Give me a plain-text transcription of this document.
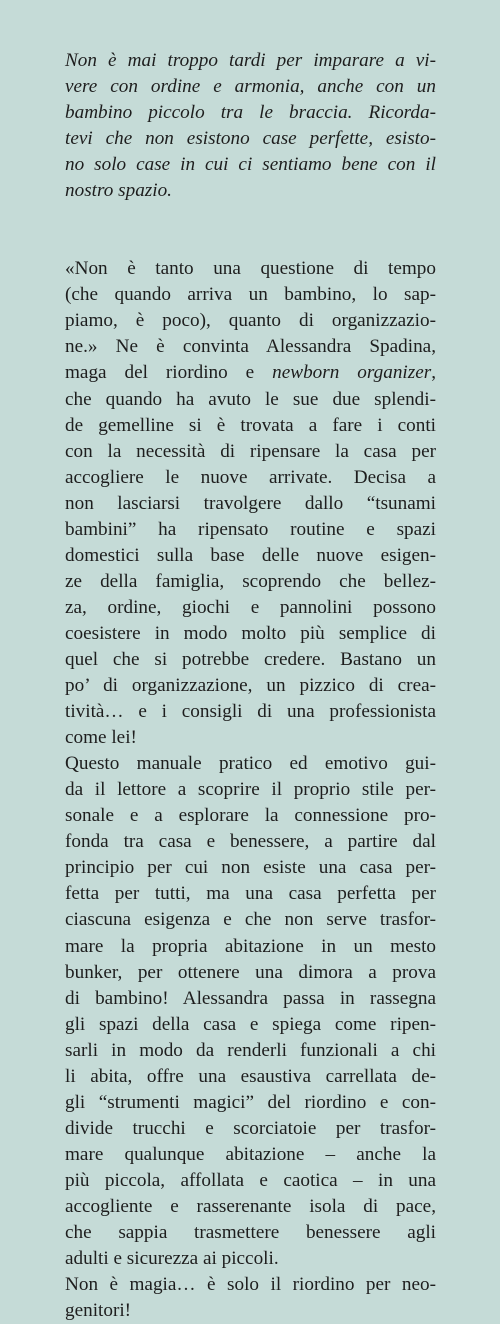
Non è mai troppo tardi per imparare a vi-
vere con ordine e armonia, anche con un
bambino piccolo tra le braccia. Ricorda-
tevi che non esistono case perfette, esisto-
no solo case in cui ci sentiamo bene con il
nostro spazio.
«Non è tanto una questione di tempo
(che quando arriva un bambino, lo sap-
piamo, è poco), quanto di organizzazio-
ne.» Ne è convinta Alessandra Spadina,
maga del riordino e newborn organizer,
che quando ha avuto le sue due splendi-
de gemelline si è trovata a fare i conti
con la necessità di ripensare la casa per
accogliere le nuove arrivate. Decisa a
non lasciarsi travolgere dallo “tsunami
bambini” ha ripensato routine e spazi
domestici sulla base delle nuove esigen-
ze della famiglia, scoprendo che bellez-
za, ordine, giochi e pannolini possono
coesistere in modo molto più semplice di
quel che si potrebbe credere. Bastano un
po’ di organizzazione, un pizzico di crea-
tività… e i consigli di una professionista
come lei!
Questo manuale pratico ed emotivo gui-
da il lettore a scoprire il proprio stile per-
sonale e a esplorare la connessione pro-
fonda tra casa e benessere, a partire dal
principio per cui non esiste una casa per-
fetta per tutti, ma una casa perfetta per
ciascuna esigenza e che non serve trasfor-
mare la propria abitazione in un mesto
bunker, per ottenere una dimora a prova
di bambino! Alessandra passa in rassegna
gli spazi della casa e spiega come ripen-
sarli in modo da renderli funzionali a chi
li abita, offre una esaustiva carrellata de-
gli “strumenti magici” del riordino e con-
divide trucchi e scorciatoie per trasfor-
mare qualunque abitazione – anche la
più piccola, affollata e caotica – in una
accogliente e rasserenante isola di pace,
che sappia trasmettere benessere agli
adulti e sicurezza ai piccoli.
Non è magia… è solo il riordino per neo-
genitori!
